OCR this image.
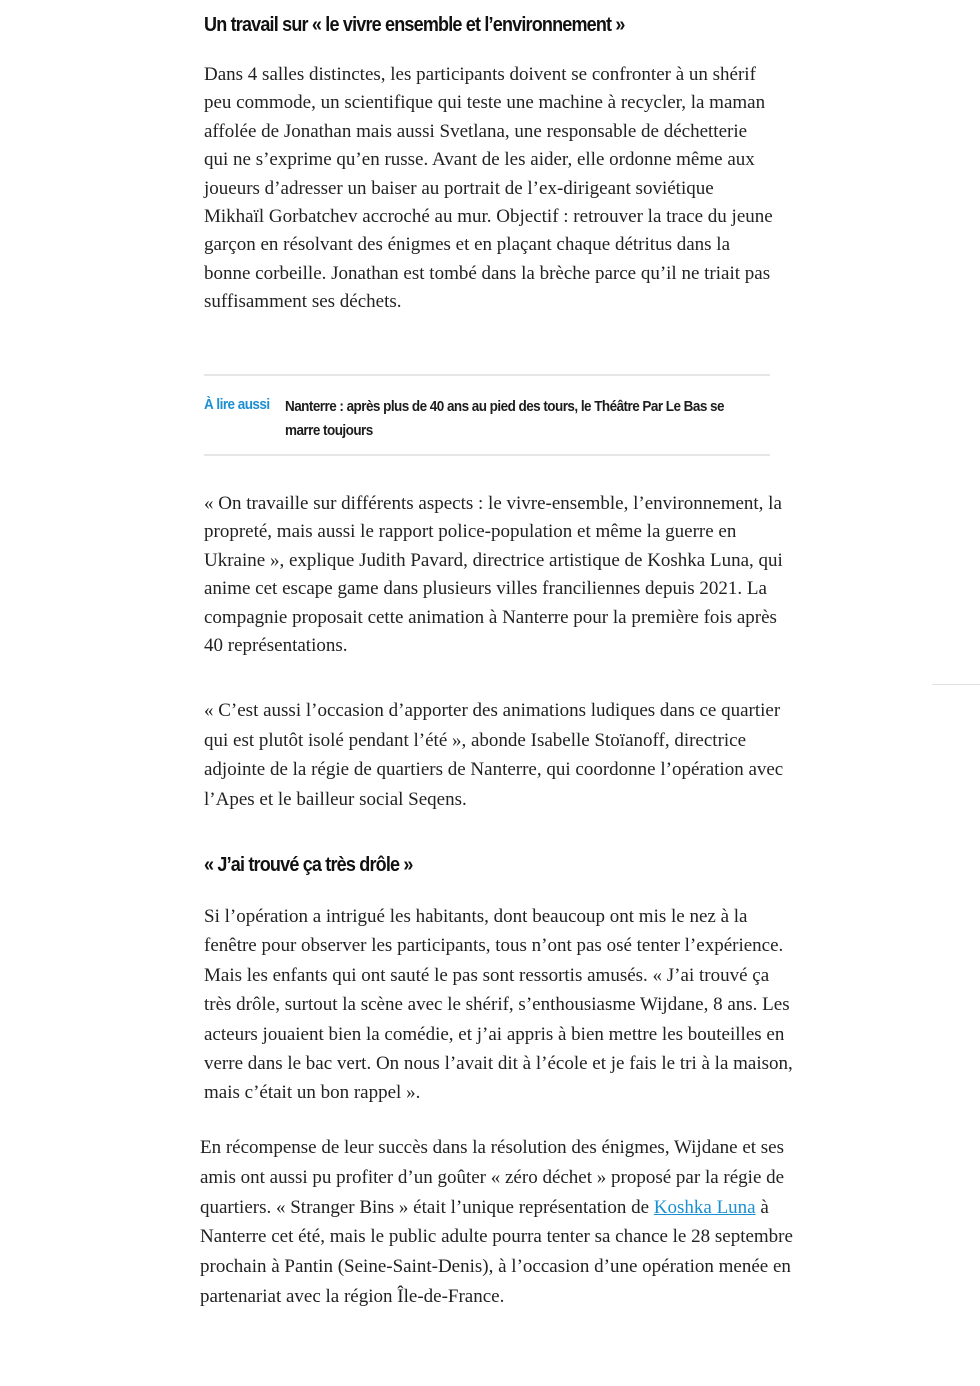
Un travail sur « le vivre ensemble et l’environnement »

Dans 4 salles distinctes, les participants doivent se confronter à un shérif peu commode, un scientifique qui teste une machine à recycler, la maman affolée de Jonathan mais aussi Svetlana, une responsable de déchetterie qui ne s’exprime qu’en russe. Avant de les aider, elle ordonne même aux joueurs d’adresser un baiser au portrait de l’ex-dirigeant soviétique Mikhaïl Gorbatchev accroché au mur. Objectif : retrouver la trace du jeune garçon en résolvant des énigmes et en plaçant chaque détritus dans la bonne corbeille. Jonathan est tombé dans la brèche parce qu’il ne triait pas suffisamment ses déchets.

À lire aussi Nanterre : après plus de 40 ans au pied des tours, le Théâtre Par Le Bas se marre toujours

« On travaille sur différents aspects : le vivre-ensemble, l’environnement, la propreté, mais aussi le rapport police-population et même la guerre en Ukraine », explique Judith Pavard, directrice artistique de Koshka Luna, qui anime cet escape game dans plusieurs villes franciliennes depuis 2021. La compagnie proposait cette animation à Nanterre pour la première fois après 40 représentations.

« C’est aussi l’occasion d’apporter des animations ludiques dans ce quartier qui est plutôt isolé pendant l’été », abonde Isabelle Stoïanoff, directrice adjointe de la régie de quartiers de Nanterre, qui coordonne l’opération avec l’Apes et le bailleur social Seqens.

« J’ai trouvé ça très drôle »

Si l’opération a intrigué les habitants, dont beaucoup ont mis le nez à la fenêtre pour observer les participants, tous n’ont pas osé tenter l’expérience. Mais les enfants qui ont sauté le pas sont ressortis amusés. « J’ai trouvé ça très drôle, surtout la scène avec le shérif, s’enthousiasme Wijdane, 8 ans. Les acteurs jouaient bien la comédie, et j’ai appris à bien mettre les bouteilles en verre dans le bac vert. On nous l’avait dit à l’école et je fais le tri à la maison, mais c’était un bon rappel ».

En récompense de leur succès dans la résolution des énigmes, Wijdane et ses amis ont aussi pu profiter d’un goûter « zéro déchet » proposé par la régie de quartiers. « Stranger Bins » était l’unique représentation de Koshka Luna à Nanterre cet été, mais le public adulte pourra tenter sa chance le 28 septembre prochain à Pantin (Seine-Saint-Denis), à l’occasion d’une opération menée en partenariat avec la région Île-de-France.
